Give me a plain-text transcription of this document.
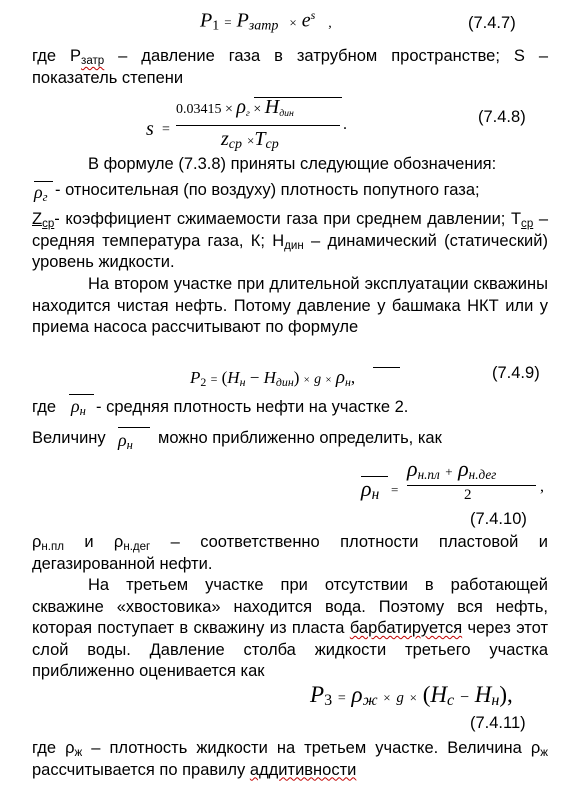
$P_1 = P_{затр} \times e^s$ ,	(7.4.7)

где $Р_{затр}$ – давление газа в затрубном пространстве; S – показатель степени

s =
$0.03415 \times \rho_г \times H_{дин}$
$z_{ср} \times T_{ср}$
.	(7.4.8)

В формуле (7.3.8) приняты следующие обозначения:

$\rho_г$ - относительная (по воздуху) плотность попутного газа;

$Z_{ср}-$ коэффициент сжимаемости газа при среднем давлении; $Т_{ср}$ – средняя температура газа, К; $Н_{дин}$ – динамический (статический) уровень жидкости.

На втором участке при длительной эксплуатации скважины находится чистая нефть. Потому давление у башмака НКТ или у приема насоса рассчитывают по формуле

$P_2 = (H_н - H_{дин}) \times g \times \rho_н$,	(7.4.9)
где $\rho_н$ - средняя плотность нефти на участке 2.
Величину $\rho_н$ можно приближенно определить, как
$\rho_н$ =
$\rho_{н.пл} + \rho_{н.дег}$
2	,
(7.4.10)

$\rho_{н.пл}$ и $\rho_{н.дег}$ – соответственно плотности пластовой и дегазированной нефти.

На третьем участке при отсутствии в работающей скважине «хвостовика» находится вода. Поэтому вся нефть, которая поступает в скважину из пласта барбатируется через этот слой воды. Давление столба жидкости третьего участка приближенно оценивается как

$P_3 = \rho_ж \times g \times (H_с - H_н)$,
(7.4.11)

где $\rho_ж$ – плотность жидкости на третьем участке. Величина $\rho_ж$ рассчитывается по правилу аддитивности
